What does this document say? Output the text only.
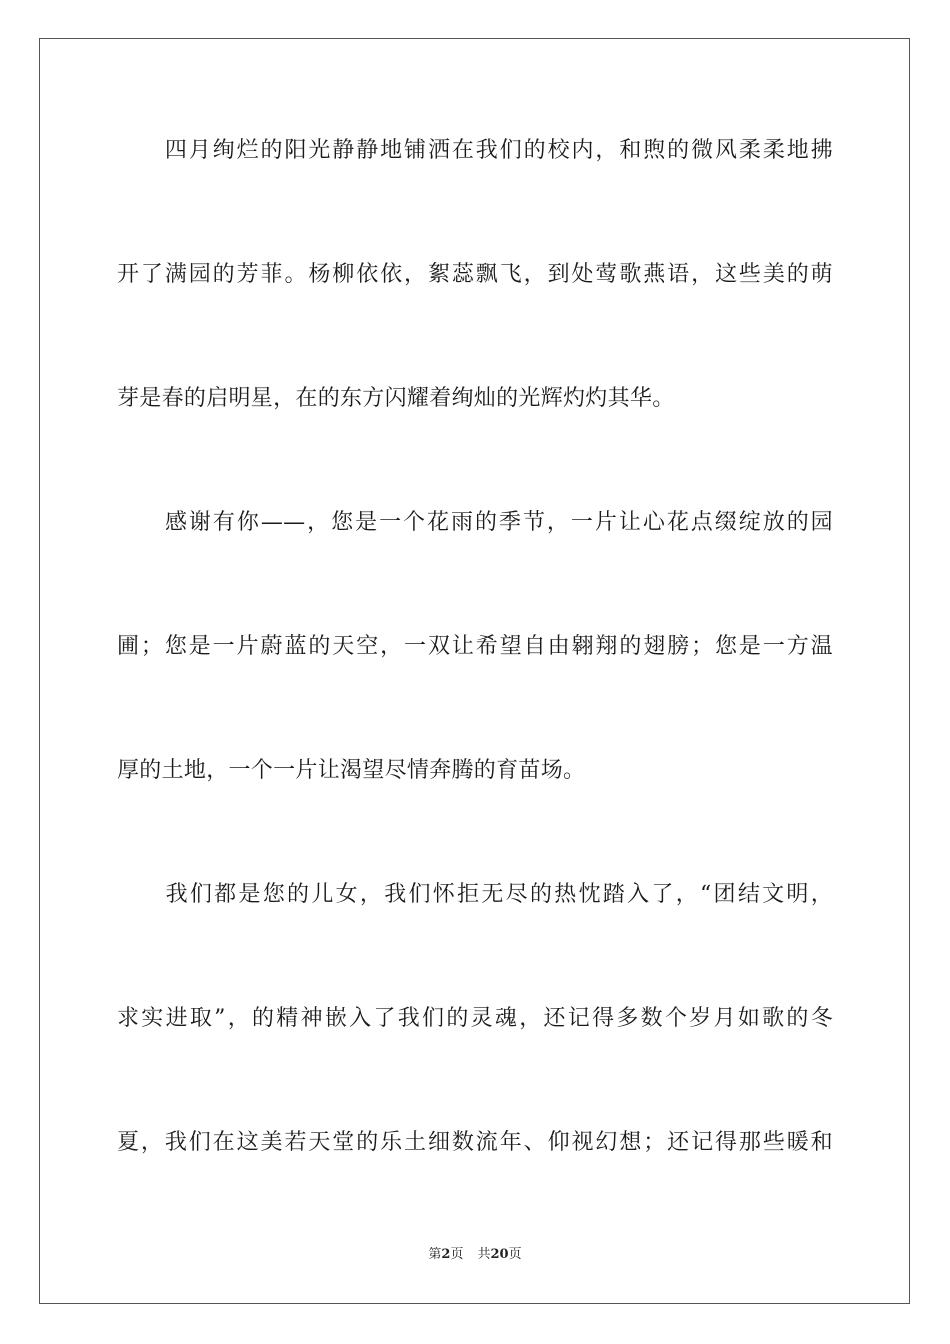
　　四月绚烂的阳光静静地铺洒在我们的校内，和煦的微风柔柔地拂
开了满园的芳菲。杨柳依依，絮蕊飘飞，到处莺歌燕语，这些美的萌
芽是春的启明星，在的东方闪耀着绚灿的光辉灼灼其华。
　　感谢有你——，您是一个花雨的季节，一片让心花点缀绽放的园
圃；您是一片蔚蓝的天空，一双让希望自由翱翔的翅膀；您是一方温
厚的土地，一个一片让渴望尽情奔腾的育苗场。
　　我们都是您的儿女，我们怀拒无尽的热忱踏入了，“团结文明，
求实进取”，的精神嵌入了我们的灵魂，还记得多数个岁月如歌的冬
夏，我们在这美若天堂的乐土细数流年、仰视幻想；还记得那些暖和
第2页 共20页
